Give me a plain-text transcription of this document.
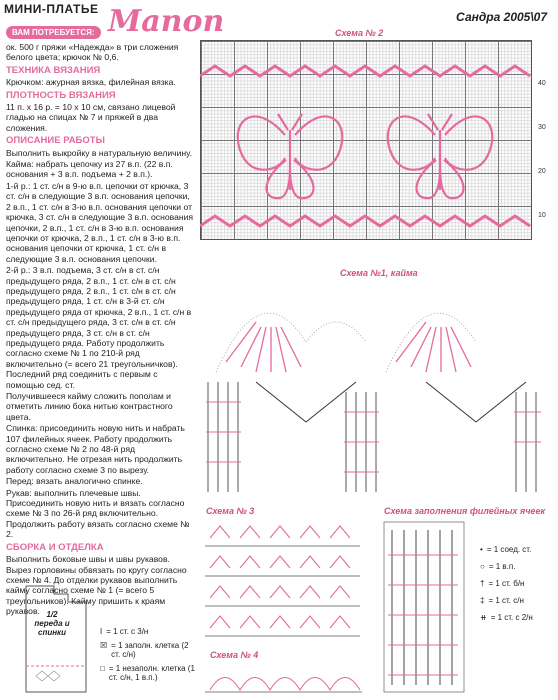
МИНИ-ПЛАТЬЕ Manon	Сандра 2005\07
ВАМ ПОТРЕБУЕТСЯ:

ок. 500 г пряжи «Надежда» в три сложения белого цвета; крючок № 0,6.

ТЕХНИКА ВЯЗАНИЯ

Крючком: ажурная вязка, филейная вязка.

ПЛОТНОСТЬ ВЯЗАНИЯ

11 п. х 16 р. = 10 х 10 см, связано лицевой гладью на спицах № 7 и пряжей в два сложения.

ОПИСАНИЕ РАБОТЫ

Выполнить выкройку в натуральную величину.

Кайма: набрать цепочку из 27 в.п. (22 в.п. основания + 3 в.п. подъема + 2 в.п.).

1-й р.: 1 ст. с/н в 9-ю в.п. цепочки от крючка, 3 ст. с/н в следующие 3 в.п. основания цепочки, 2 в.п., 1 ст. с/н в 3-ю в.п. основания цепочки от крючка, 3 ст. с/н в следующие 3 в.п. основания цепочки, 2 в.п., 1 ст. с/н в 3-ю в.п. основания цепочки от крючка, 2 в.п., 1 ст. с/н в 3-ю в.п. основания цепочки от крючка, 1 ст. с/н в следующие 3 в.п. основания цепочки.

2-й р.: 3 в.п. подъема, 3 ст. с/н в ст. с/н предыдущего ряда, 2 в.п., 1 ст. с/н в ст. с/н предыдущего ряда, 2 в.п., 1 ст. с/н в ст. с/н предыдущего ряда, 1 ст. с/н в 3-й ст. с/н предыдущего ряда от крючка, 2 в.п., 1 ст. с/н в ст. с/н предыдущего ряда, 3 ст. с/н в ст. с/н предыдущего ряда, 3 ст. с/н в ст. с/н предыдущего ряда. Работу продолжить согласно схеме № 1 по 210-й ряд включительно (= всего 21 треугольничков). Последний ряд соединить с первым с помощью сед. ст.

Получившееся кайму сложить пополам и отметить линию бока нитью контрастного цвета.

Спинка: присоединить новую нить и набрать 107 филейных ячеек. Работу продолжить согласно схеме № 2 по 48-й ряд включительно. Не отрезая нить продолжить работу согласно схеме 3 по вырезу.

Перед: вязать аналогично спинке.

Рукав: выполнить плечевые швы. Присоединить новую нить и вязать согласно схеме № 3 по 26-й ряд включительно. Продолжить работу вязать согласно схеме № 2.

СБОРКА И ОТДЕЛКА

Выполнить боковые швы и швы рукавов. Вырез горловины обвязать по кругу согласно схеме № 4. До отделки рукавов выполнить кайму согласно схеме № 1 (= всего 5 треугольников). Кайму пришить к краям рукавов. 1/2 переда и спинки	I = 1 ст. с 3/н
☒ = 1 заполн. клетка (2 ст. с/н)
□ = 1 незаполн. клетка (1 ст. с/н, 1 в.п.)
Схема № 2
10
20
30
40
Схема №1, кайма
Схема № 3
Схема № 4
Схема заполнения филейных ячеек
• = 1 соед. ст.
○ = 1 в.п.
† = 1 ст. б/н
‡ = 1 ст. с/н
⧺ = 1 ст. с 2/н
